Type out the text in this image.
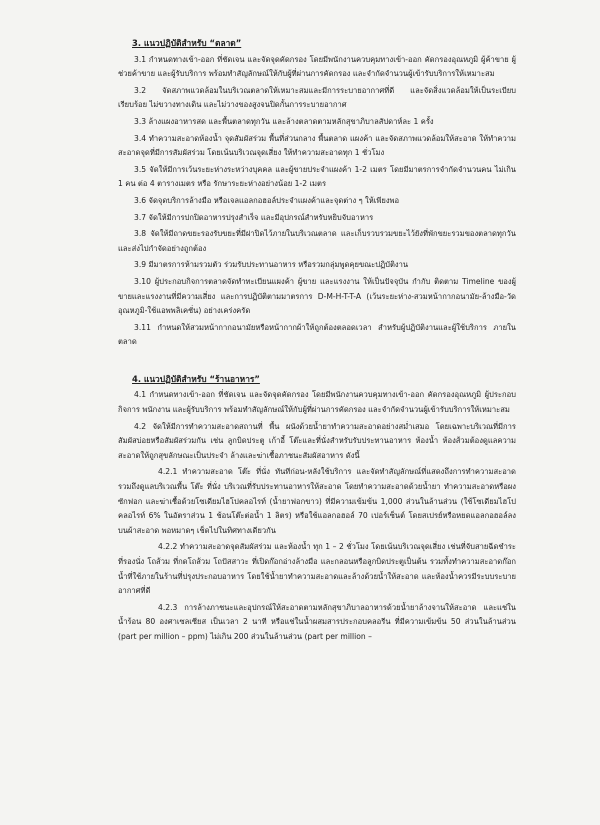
3. แนวปฏิบัติสำหรับ “ตลาด”

3.1 กำหนดทางเข้า-ออก ที่ชัดเจน และจัดจุดคัดกรอง โดยมีพนักงานควบคุมทางเข้า-ออก คัดกรองอุณหภูมิ ผู้ค้าขาย ผู้ช่วยค้าขาย และผู้รับบริการ พร้อมทำสัญลักษณ์ให้กับผู้ที่ผ่านการคัดกรอง และจำกัดจำนวนผู้เข้ารับบริการให้เหมาะสม

3.2 จัดสภาพแวดล้อมในบริเวณตลาดให้เหมาะสมและมีการระบายอากาศที่ดี และจัดสิ่งแวดล้อมให้เป็นระเบียบเรียบร้อย ไม่ขวางทางเดิน และไม่วางของสูงจนปิดกั้นการระบายอากาศ

3.3 ล้างแผงอาหารสด และพื้นตลาดทุกวัน และล้างตลาดตามหลักสุขาภิบาลสัปดาห์ละ 1 ครั้ง

3.4 ทำความสะอาดห้องน้ำ จุดสัมผัสร่วม พื้นที่ส่วนกลาง พื้นตลาด แผงค้า และจัดสภาพแวดล้อมให้สะอาด ให้ทำความสะอาดจุดที่มีการสัมผัสร่วม โดยเน้นบริเวณจุดเสี่ยง ให้ทำความสะอาดทุก 1 ชั่วโมง

3.5 จัดให้มีการเว้นระยะห่างระหว่างบุคคล และผู้ขายประจำแผงค้า 1-2 เมตร โดยมีมาตรการจำกัดจำนวนคน ไม่เกิน 1 คน ต่อ 4 ตารางเมตร หรือ รักษาระยะห่างอย่างน้อย 1-2 เมตร

3.6 จัดจุดบริการล้างมือ หรือเจลแอลกอฮอล์ประจำแผงค้าและจุดต่าง ๆ ให้เพียงพอ

3.7 จัดให้มีการปกปิดอาหารปรุงสำเร็จ และมีอุปกรณ์สำหรับหยิบจับอาหาร

3.8 จัดให้มีถาดขยะรองรับขยะที่มีฝาปิดไว้ภายในบริเวณตลาด และเก็บรวบรวมขยะไว้ยังที่พักขยะรวมของตลาดทุกวัน และส่งไปกำจัดอย่างถูกต้อง

3.9 มีมาตรการห้ามรวมตัว ร่วมรับประทานอาหาร หรือรวมกลุ่มพูดคุยขณะปฏิบัติงาน

3.10 ผู้ประกอบกิจการตลาดจัดทำทะเบียนแผงค้า ผู้ขาย และแรงงาน ให้เป็นปัจจุบัน กำกับ ติดตาม Timeline ของผู้ขายและแรงงานที่มีความเสี่ยง และการปฏิบัติตามมาตรการ D-M-H-T-T-A (เว้นระยะห่าง-สวมหน้ากากอนามัย-ล้างมือ-วัดอุณหภูมิ-ใช้แอพพลิเคชั่น) อย่างเคร่งครัด

3.11 กำหนดให้สวมหน้ากากอนามัยหรือหน้ากากผ้าให้ถูกต้องตลอดเวลา สำหรับผู้ปฏิบัติงานและผู้ใช้บริการ ภายในตลาด

4. แนวปฏิบัติสำหรับ “ร้านอาหาร”

4.1 กำหนดทางเข้า-ออก ที่ชัดเจน และจัดจุดคัดกรอง โดยมีพนักงานควบคุมทางเข้า-ออก คัดกรองอุณหภูมิ ผู้ประกอบกิจการ พนักงาน และผู้รับบริการ พร้อมทำสัญลักษณ์ให้กับผู้ที่ผ่านการคัดกรอง และจำกัดจำนวนผู้เข้ารับบริการให้เหมาะสม

4.2 จัดให้มีการทำความสะอาดสถานที่ พื้น ผนังด้วยน้ำยาทำความสะอาดอย่างสม่ำเสมอ โดยเฉพาะบริเวณที่มีการสัมผัสบ่อยหรือสัมผัสร่วมกัน เช่น ลูกบิดประตู เก้าอี้ โต๊ะและที่นั่งสำหรับรับประทานอาหาร ห้องน้ำ ห้องส้วมต้องดูแลความสะอาดให้ถูกสุขลักษณะเป็นประจำ ล้างและฆ่าเชื้อภาชนะสัมผัสอาหาร ดังนี้

4.2.1 ทำความสะอาด โต๊ะ ที่นั่ง ทันทีก่อน-หลังใช้บริการ และจัดทำสัญลักษณ์ที่แสดงถึงการทำความสะอาด รวมถึงดูแลบริเวณพื้น โต๊ะ ที่นั่ง บริเวณที่รับประทานอาหารให้สะอาด โดยทำความสะอาดด้วยน้ำยา ทำความสะอาดหรือผงซักฟอก และฆ่าเชื้อด้วยโซเดียมไฮโปคลอไรท์ (น้ำยาฟอกขาว) ที่มีความเข้มข้น 1,000 ส่วนในล้านส่วน (ใช้โซเดียมไฮโปคลอไรท์ 6% ในอัตราส่วน 1 ช้อนโต๊ะต่อน้ำ 1 ลิตร) หรือใช้แอลกอฮอล์ 70 เปอร์เซ็นต์ โดยสเปรย์หรือหยดแอลกอฮอล์ลงบนผ้าสะอาด พอหมาดๆ เช็ดไปในทิศทางเดียวกัน

4.2.2 ทำความสะอาดจุดสัมผัสร่วม และห้องน้ำ ทุก 1 – 2 ชั่วโมง โดยเน้นบริเวณจุดเสี่ยง เช่นที่จับสายฉีดชำระ ที่รองนั่ง โถส้วม ที่กดโถส้วม โถปัสสาวะ ที่เปิดก๊อกอ่างล้างมือ และกลอนหรือลูกบิดประตูเป็นต้น รวมทั้งทำความสะอาดก๊อกน้ำที่ใช้ภายในร้านที่ปรุงประกอบอาหาร โดยใช้น้ำยาทำความสะอาดและล้างด้วยน้ำให้สะอาด และห้องน้ำควรมีระบบระบายอากาศที่ดี

4.2.3 การล้างภาชนะและอุปกรณ์ให้สะอาดตามหลักสุขาภิบาลอาหารด้วยน้ำยาล้างจานให้สะอาด และแช่ในน้ำร้อน 80 องศาเซลเซียส เป็นเวลา 2 นาที หรือแช่ในน้ำผสมสารประกอบคลอรีน ที่มีความเข้มข้น 50 ส่วนในล้านส่วน (part per million – ppm) ไม่เกิน 200 ส่วนในล้านส่วน (part per million –
